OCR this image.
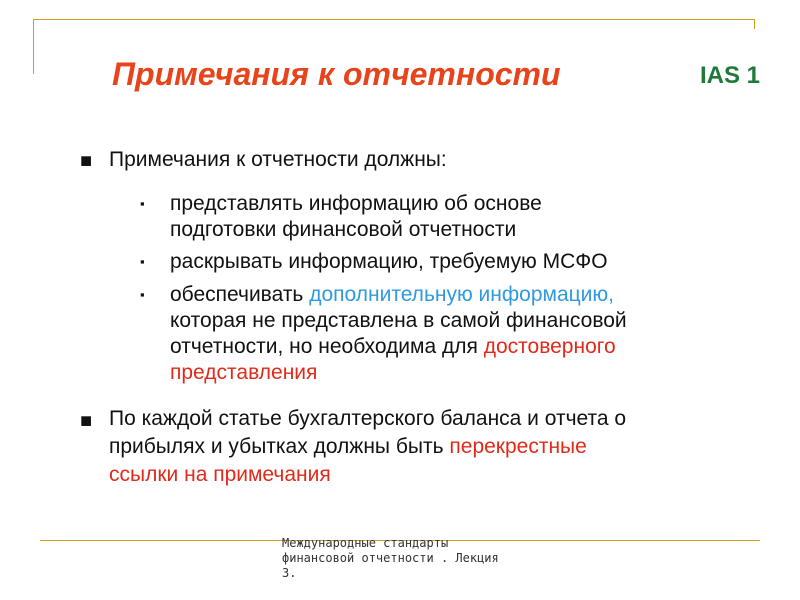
Примечания к отчетности	IAS 1
■ Примечания к отчетности должны:
▪ представлять информацию об основе
подготовки финансовой отчетности
▪ раскрывать информацию, требуемую МСФО
▪ обеспечивать дополнительную информацию,
которая не представлена в самой финансовой
отчетности, но необходима для достоверного
представления
■ По каждой статье бухгалтерского баланса и отчета о
прибылях и убытках должны быть перекрестные
ссылки на примечания
Международные стандарты
финансовой отчетности . Лекция
3.
